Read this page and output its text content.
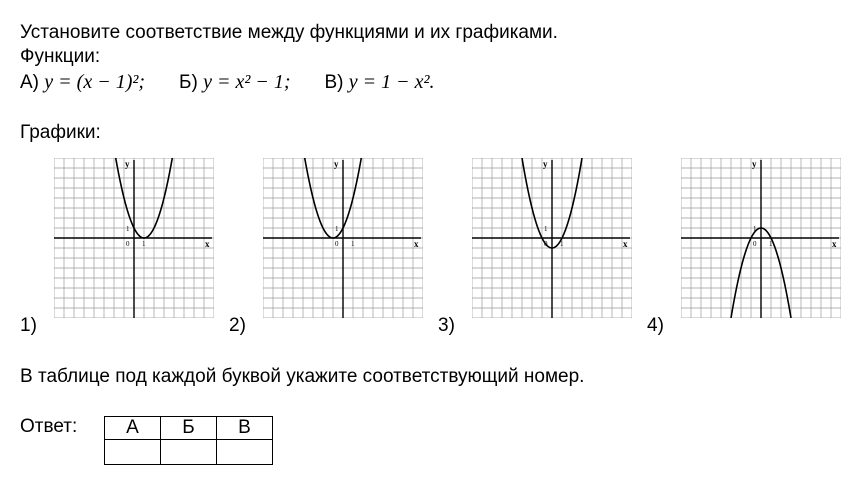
Установите соответствие между функциями и их графиками.
Функции:
А) y = (x − 1)²; Б) y = x² − 1; В) y = 1 − x².
Графики:
1)	2)	3)	4)
x
y
0 1
1
x
y
0 1
1
x
y
0 1
1
x
y
0 1
1
В таблице под каждой буквой укажите соответствующий номер.
Ответ:	А	Б	В
